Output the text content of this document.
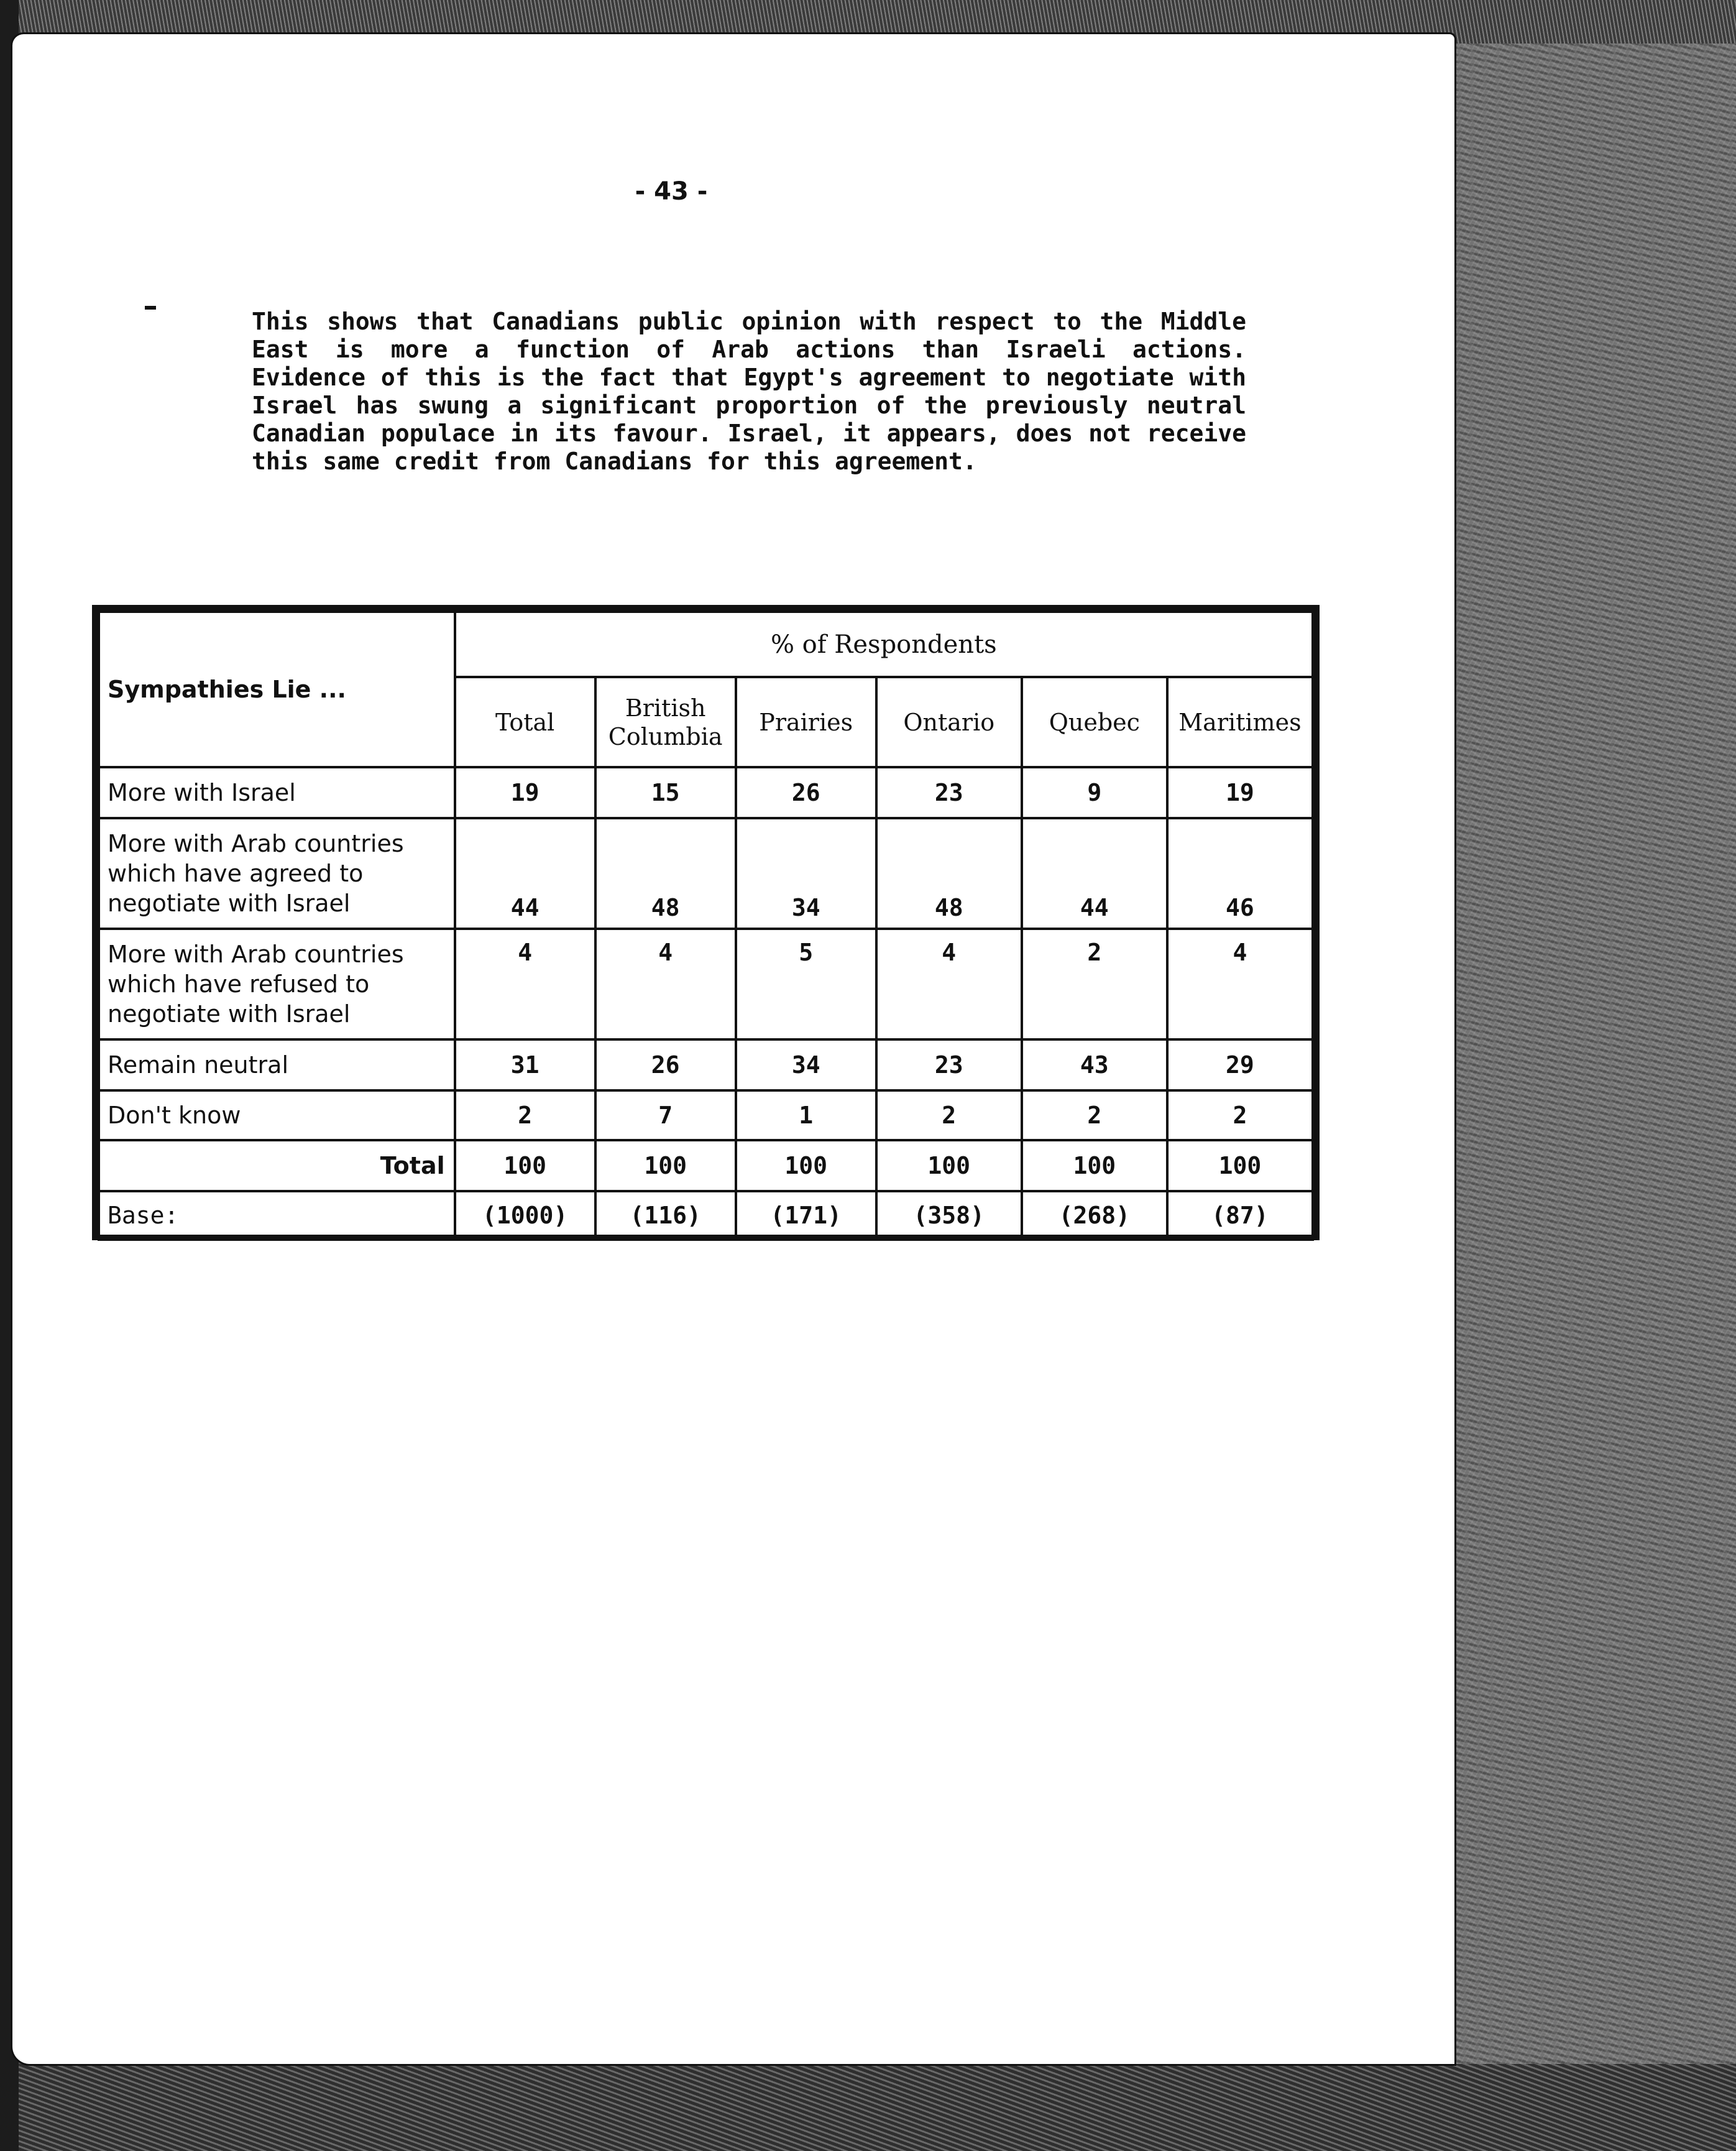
- 43 -

This shows that Canadians public opinion with respect to the Middle East is more a function of Arab actions than Israeli actions. Evidence of this is the fact that Egypt's agreement to negotiate with Israel has swung a significant proportion of the previously neutral Canadian populace in its favour. Israel, it appears, does not receive this same credit from Canadians for this agreement.

Sympathies Lie ...	% of Respondents					
	Total	British Columbia	Prairies	Ontario	Quebec	Maritimes
More with Israel	19	15	26	23	9	19
More with Arab countries which have agreed to negotiate with Israel	44	48	34	48	44	46
More with Arab countries which have refused to negotiate with Israel	4	4	5	4	2	4
Remain neutral	31	26	34	23	43	29
Don't know	2	7	1	2	2	2
Total	100	100	100	100	100	100
Base:	(1000)	(116)	(171)	(358)	(268)	(87)
